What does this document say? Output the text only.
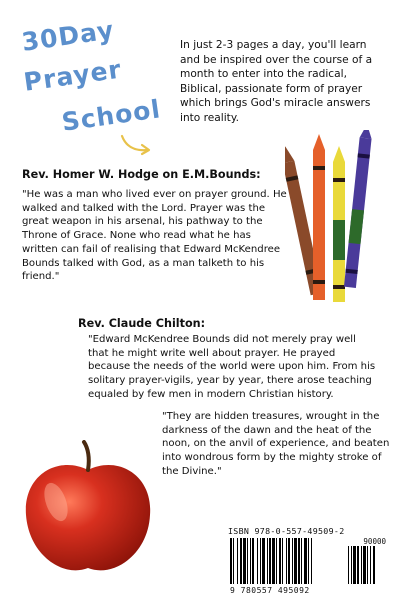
30Day
Prayer
School
In just 2-3 pages a day, you'll learn and be inspired over the course of a month to enter into the radical, Biblical, passionate form of prayer which brings God's miracle answers into reality.
Rev. Homer W. Hodge on E.M.Bounds:
"He was a man who lived ever on prayer ground. He walked and talked with the Lord. Prayer was the great weapon in his arsenal, his pathway to the Throne of Grace. None who read what he has written can fail of realising that Edward McKendree Bounds talked with God, as a man talketh to his friend."
Rev. Claude Chilton:
"Edward McKendree Bounds did not merely pray well that he might write well about prayer. He prayed because the needs of the world were upon him. From his solitary prayer-vigils, year by year, there arose teaching equaled by few men in modern Christian history.
"They are hidden treasures, wrought in the darkness of the dawn and the heat of the noon, on the anvil of experience, and beaten into wondrous form by the mighty stroke of the Divine."
ISBN 978-0-557-49509-2
90000
9 780557 495092
